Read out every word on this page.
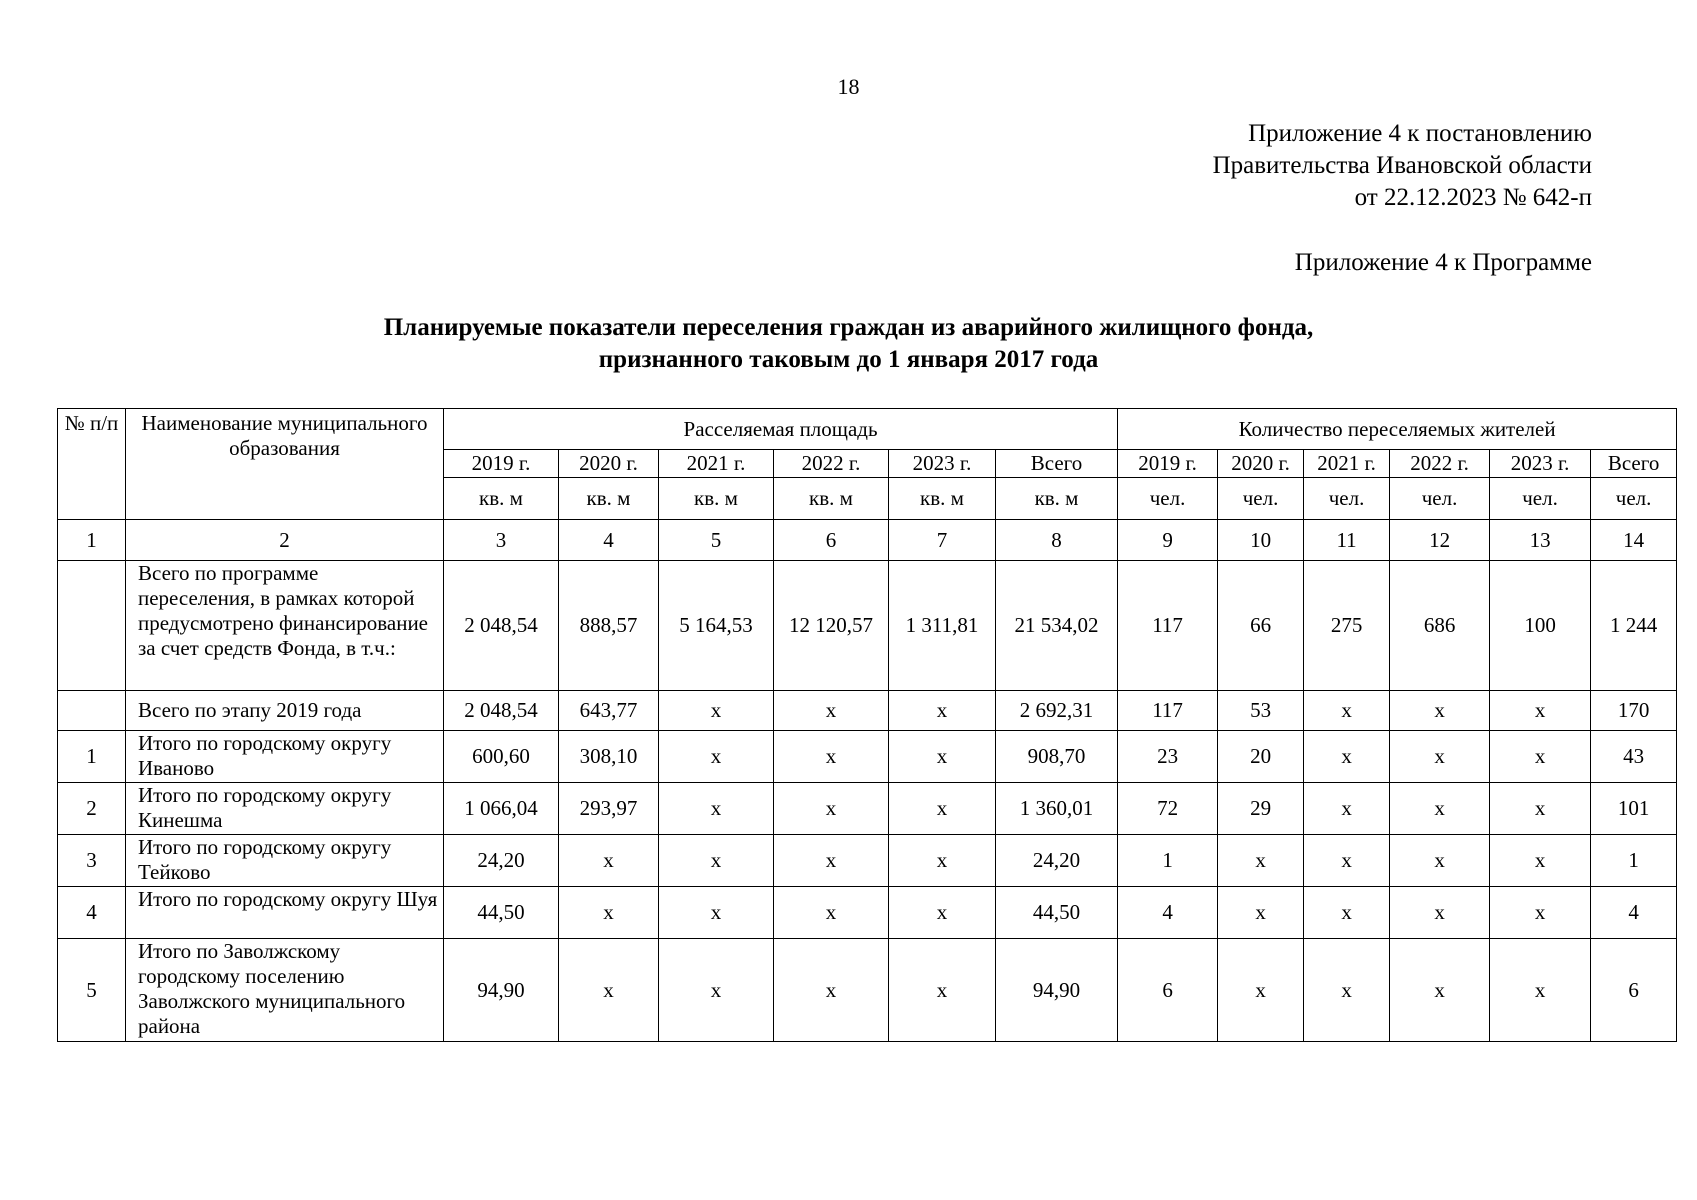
18
Приложение 4 к постановлению
Правительства Ивановской области
от 22.12.2023 № 642-п
Приложение 4 к Программе
Планируемые показатели переселения граждан из аварийного жилищного фонда,
признанного таковым до 1 января 2017 года
№ п/п	Наименование муниципального образования	Расселяемая площадь						Количество переселяемых жителей					
		2019 г.	2020 г.	2021 г.	2022 г.	2023 г.	Всего	2019 г.	2020 г.	2021 г.	2022 г.	2023 г.	Всего
		кв. м	кв. м	кв. м	кв. м	кв. м	кв. м	чел.	чел.	чел.	чел.	чел.	чел.
1	2	3	4	5	6	7	8	9	10	11	12	13	14
	Всего по программе переселения, в рамках которой предусмотрено финансирование за счет средств Фонда, в т.ч.:	2 048,54	888,57	5 164,53	12 120,57	1 311,81	21 534,02	117	66	275	686	100	1 244
	Всего по этапу 2019 года	2 048,54	643,77	х	х	х	2 692,31	117	53	х	х	х	170
1	Итого по городскому округу Иваново	600,60	308,10	х	х	х	908,70	23	20	х	х	х	43
2	Итого по городскому округу Кинешма	1 066,04	293,97	х	х	х	1 360,01	72	29	х	х	х	101
3	Итого по городскому округу Тейково	24,20	х	х	х	х	24,20	1	х	х	х	х	1
4	Итого по городскому округу Шуя	44,50	х	х	х	х	44,50	4	х	х	х	х	4
5	Итого по Заволжскому городскому поселению Заволжского муниципального района	94,90	х	х	х	х	94,90	6	х	х	х	х	6
